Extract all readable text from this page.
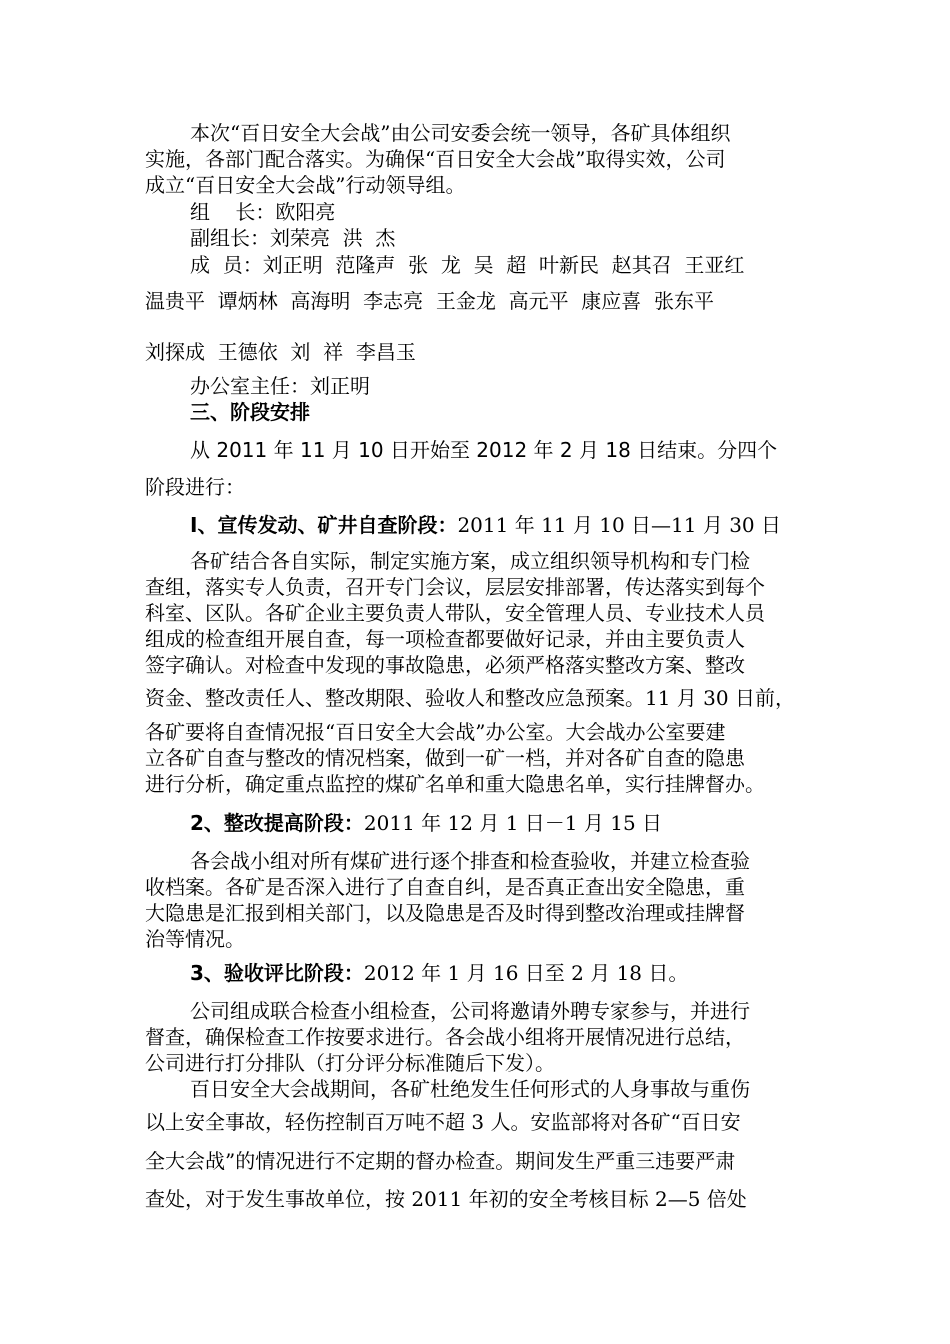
本次“百日安全大会战”由公司安委会统一领导，各矿具体组织
实施，各部门配合落实。为确保“百日安全大会战”取得实效，公司
成立“百日安全大会战”行动领导组。
组    长：欧阳亮
副组长：刘荣亮  洪  杰
成  员：刘正明  范隆声  张  龙  吴  超  叶新民  赵其召  王亚红
温贵平  谭炳林  高海明  李志亮  王金龙  高元平  康应喜  张东平
刘探成  王德依  刘  祥  李昌玉
办公室主任：刘正明
三、阶段安排
从 2011 年 11 月 10 日开始至 2012 年 2 月 18 日结束。分四个
阶段进行：
Ⅰ、宣传发动、矿井自查阶段：2011 年 11 月 10 日—11 月 30 日
各矿结合各自实际，制定实施方案，成立组织领导机构和专门检
查组，落实专人负责，召开专门会议，层层安排部署，传达落实到每个
科室、区队。各矿企业主要负责人带队，安全管理人员、专业技术人员
组成的检查组开展自查，每一项检查都要做好记录，并由主要负责人
签字确认。对检查中发现的事故隐患，必须严格落实整改方案、整改
资金、整改责任人、整改期限、验收人和整改应急预案。11 月 30 日前，
各矿要将自查情况报“百日安全大会战”办公室。大会战办公室要建
立各矿自查与整改的情况档案，做到一矿一档，并对各矿自查的隐患
进行分析，确定重点监控的煤矿名单和重大隐患名单，实行挂牌督办。
2、整改提高阶段：2011 年 12 月 1 日－1 月 15 日
各会战小组对所有煤矿进行逐个排查和检查验收，并建立检查验
收档案。各矿是否深入进行了自查自纠，是否真正查出安全隐患，重
大隐患是汇报到相关部门，以及隐患是否及时得到整改治理或挂牌督
治等情况。
3、验收评比阶段：2012 年 1 月 16 日至 2 月 18 日。
公司组成联合检查小组检查，公司将邀请外聘专家参与，并进行
督查，确保检查工作按要求进行。各会战小组将开展情况进行总结，
公司进行打分排队（打分评分标准随后下发）。
百日安全大会战期间，各矿杜绝发生任何形式的人身事故与重伤
以上安全事故，轻伤控制百万吨不超 3 人。安监部将对各矿“百日安
全大会战”的情况进行不定期的督办检查。期间发生严重三违要严肃
查处，对于发生事故单位，按 2011 年初的安全考核目标 2—5 倍处
